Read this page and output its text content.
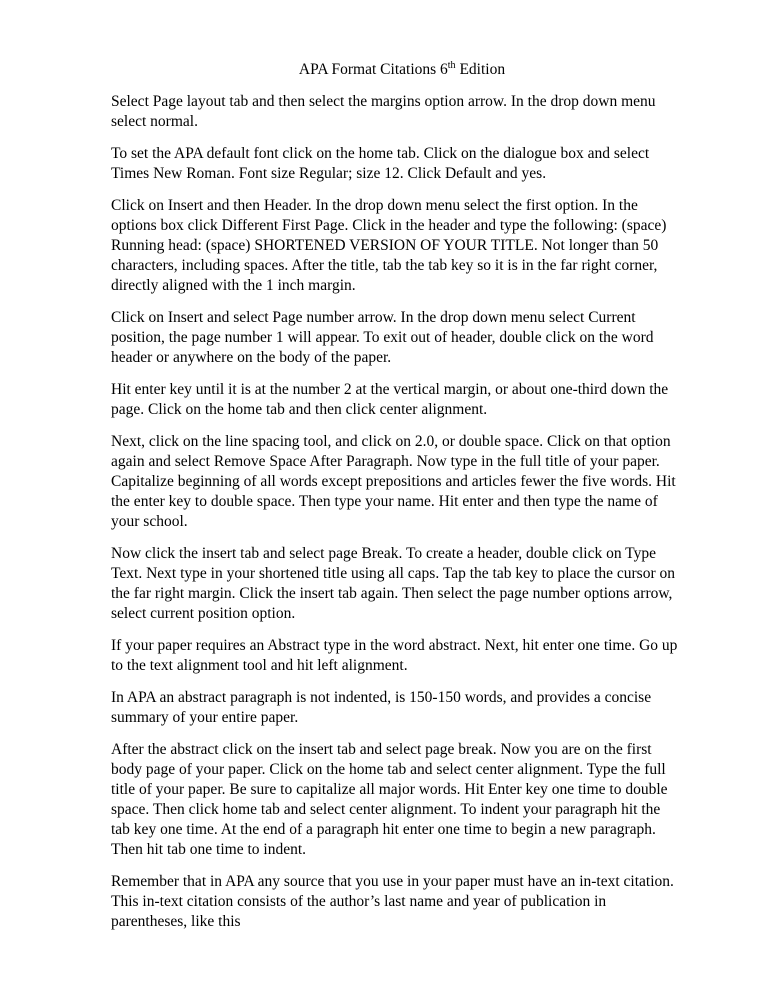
APA Format Citations 6th Edition

Select Page layout tab and then select the margins option arrow. In the drop down menu select normal.

To set the APA default font click on the home tab. Click on the dialogue box and select Times New Roman. Font size Regular; size 12. Click Default and yes.

Click on Insert and then Header. In the drop down menu select the first option. In the options box click Different First Page. Click in the header and type the following: (space) Running head: (space) SHORTENED VERSION OF YOUR TITLE. Not longer than 50 characters, including spaces. After the title, tab the tab key so it is in the far right corner, directly aligned with the 1 inch margin.

Click on Insert and select Page number arrow. In the drop down menu select Current position, the page number 1 will appear. To exit out of header, double click on the word header or anywhere on the body of the paper.

Hit enter key until it is at the number 2 at the vertical margin, or about one-third down the page. Click on the home tab and then click center alignment.

Next, click on the line spacing tool, and click on 2.0, or double space. Click on that option again and select Remove Space After Paragraph. Now type in the full title of your paper. Capitalize beginning of all words except prepositions and articles fewer the five words. Hit the enter key to double space. Then type your name. Hit enter and then type the name of your school.

Now click the insert tab and select page Break. To create a header, double click on Type Text. Next type in your shortened title using all caps. Tap the tab key to place the cursor on the far right margin. Click the insert tab again. Then select the page number options arrow, select current position option.

If your paper requires an Abstract type in the word abstract. Next, hit enter one time. Go up to the text alignment tool and hit left alignment.

In APA an abstract paragraph is not indented, is 150-150 words, and provides a concise summary of your entire paper.

After the abstract click on the insert tab and select page break. Now you are on the first body page of your paper. Click on the home tab and select center alignment. Type the full title of your paper. Be sure to capitalize all major words. Hit Enter key one time to double space. Then click home tab and select center alignment. To indent your paragraph hit the tab key one time. At the end of a paragraph hit enter one time to begin a new paragraph. Then hit tab one time to indent.

Remember that in APA any source that you use in your paper must have an in-text citation. This in-text citation consists of the author’s last name and year of publication in parentheses, like this
